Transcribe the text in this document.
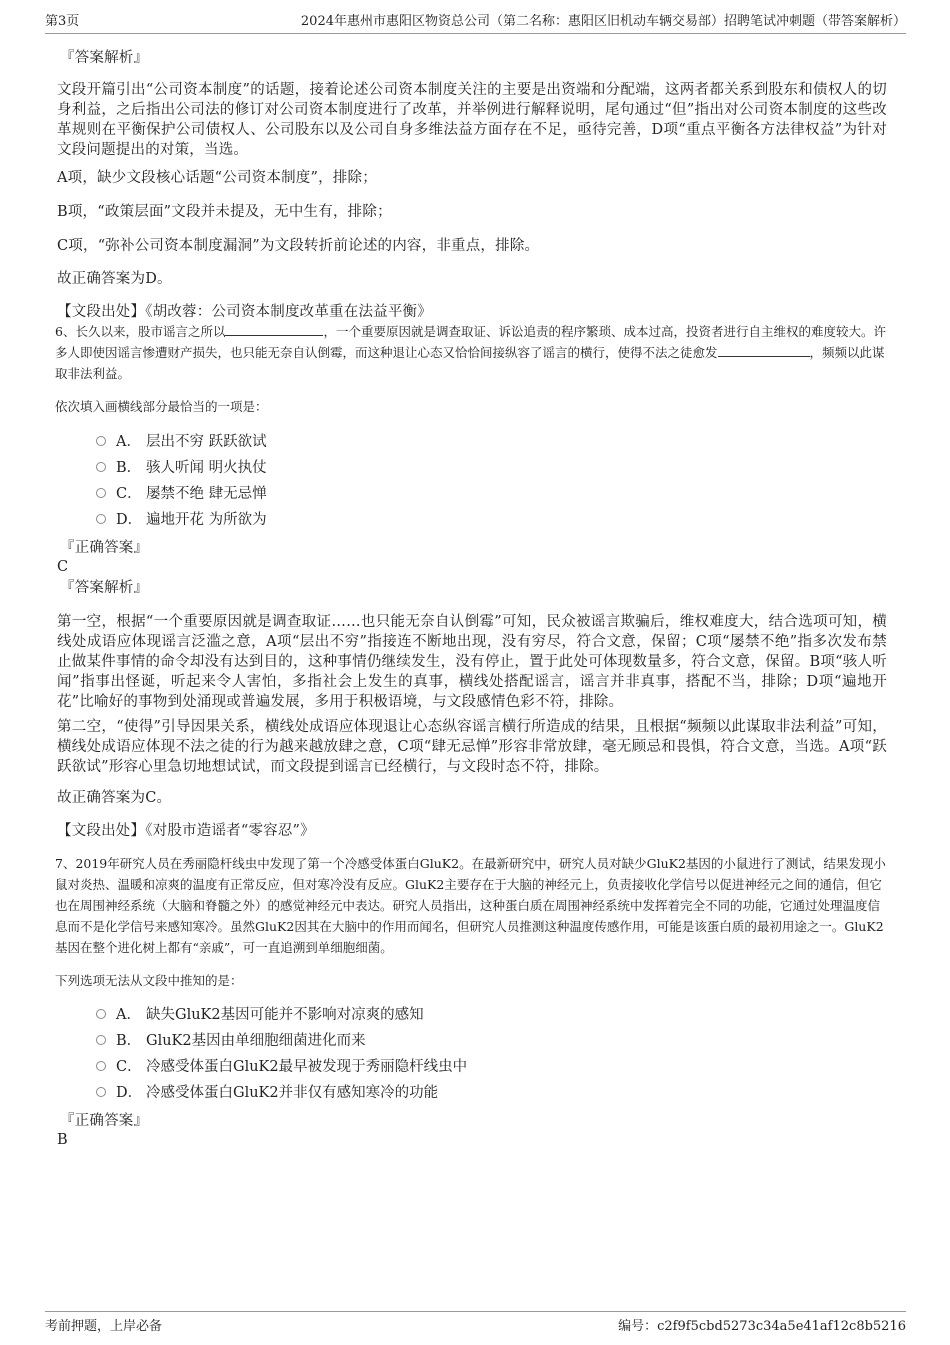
第3页	2024年惠州市惠阳区物资总公司（第二名称：惠阳区旧机动车辆交易部）招聘笔试冲刺题（带答案解析）
『答案解析』
文段开篇引出“公司资本制度”的话题，接着论述公司资本制度关注的主要是出资端和分配端，这两者都关系到股东和债权人的切身利益，之后指出公司法的修订对公司资本制度进行了改革，并举例进行解释说明，尾句通过“但”指出对公司资本制度的这些改革规则在平衡保护公司债权人、公司股东以及公司自身多维法益方面存在不足，亟待完善，D项“重点平衡各方法律权益”为针对文段问题提出的对策，当选。
A项，缺少文段核心话题“公司资本制度”，排除；
B项，“政策层面”文段并未提及，无中生有，排除；
C项，“弥补公司资本制度漏洞”为文段转折前论述的内容，非重点，排除。
故正确答案为D。
【文段出处】《胡改蓉：公司资本制度改革重在法益平衡》
6、长久以来，股市谣言之所以	，一个重要原因就是调查取证、诉讼追责的程序繁琐、成本过高，投资者进行自主维权的难度较大。许多人即使因谣言惨遭财产损失，也只能无奈自认倒霉，而这种退让心态又恰恰间接纵容了谣言的横行，使得不法之徒愈发	，频频以此谋取非法利益。
依次填入画横线部分最恰当的一项是：
A． 层出不穷 跃跃欲试
B． 骇人听闻 明火执仗
C． 屡禁不绝 肆无忌惮
D． 遍地开花 为所欲为
『正确答案』
C
『答案解析』
第一空，根据“一个重要原因就是调查取证……也只能无奈自认倒霉”可知，民众被谣言欺骗后，维权难度大，结合选项可知，横线处成语应体现谣言泛滥之意，A项“层出不穷”指接连不断地出现，没有穷尽，符合文意，保留；C项“屡禁不绝”指多次发布禁止做某件事情的命令却没有达到目的，这种事情仍继续发生，没有停止，置于此处可体现数量多，符合文意，保留。B项“骇人听闻”指事出怪诞，听起来令人害怕，多指社会上发生的真事，横线处搭配谣言，谣言并非真事，搭配不当，排除；D项“遍地开花”比喻好的事物到处涌现或普遍发展，多用于积极语境，与文段感情色彩不符，排除。
第二空，“使得”引导因果关系，横线处成语应体现退让心态纵容谣言横行所造成的结果，且根据“频频以此谋取非法利益”可知，横线处成语应体现不法之徒的行为越来越放肆之意，C项“肆无忌惮”形容非常放肆，毫无顾忌和畏惧，符合文意，当选。A项“跃跃欲试”形容心里急切地想试试，而文段提到谣言已经横行，与文段时态不符，排除。
故正确答案为C。
【文段出处】《对股市造谣者“零容忍”》
7、2019年研究人员在秀丽隐杆线虫中发现了第一个冷感受体蛋白GluK2。在最新研究中，研究人员对缺少GluK2基因的小鼠进行了测试，结果发现小鼠对炎热、温暖和凉爽的温度有正常反应，但对寒冷没有反应。GluK2主要存在于大脑的神经元上，负责接收化学信号以促进神经元之间的通信，但它也在周围神经系统（大脑和脊髓之外）的感觉神经元中表达。研究人员指出，这种蛋白质在周围神经系统中发挥着完全不同的功能，它通过处理温度信息而不是化学信号来感知寒冷。虽然GluK2因其在大脑中的作用而闻名，但研究人员推测这种温度传感作用，可能是该蛋白质的最初用途之一。GluK2基因在整个进化树上都有“亲戚”，可一直追溯到单细胞细菌。
下列选项无法从文段中推知的是：
A． 缺失GluK2基因可能并不影响对凉爽的感知
B． GluK2基因由单细胞细菌进化而来
C． 冷感受体蛋白GluK2最早被发现于秀丽隐杆线虫中
D． 冷感受体蛋白GluK2并非仅有感知寒冷的功能
『正确答案』
B
考前押题，上岸必备	编号：c2f9f5cbd5273c34a5e41af12c8b5216
